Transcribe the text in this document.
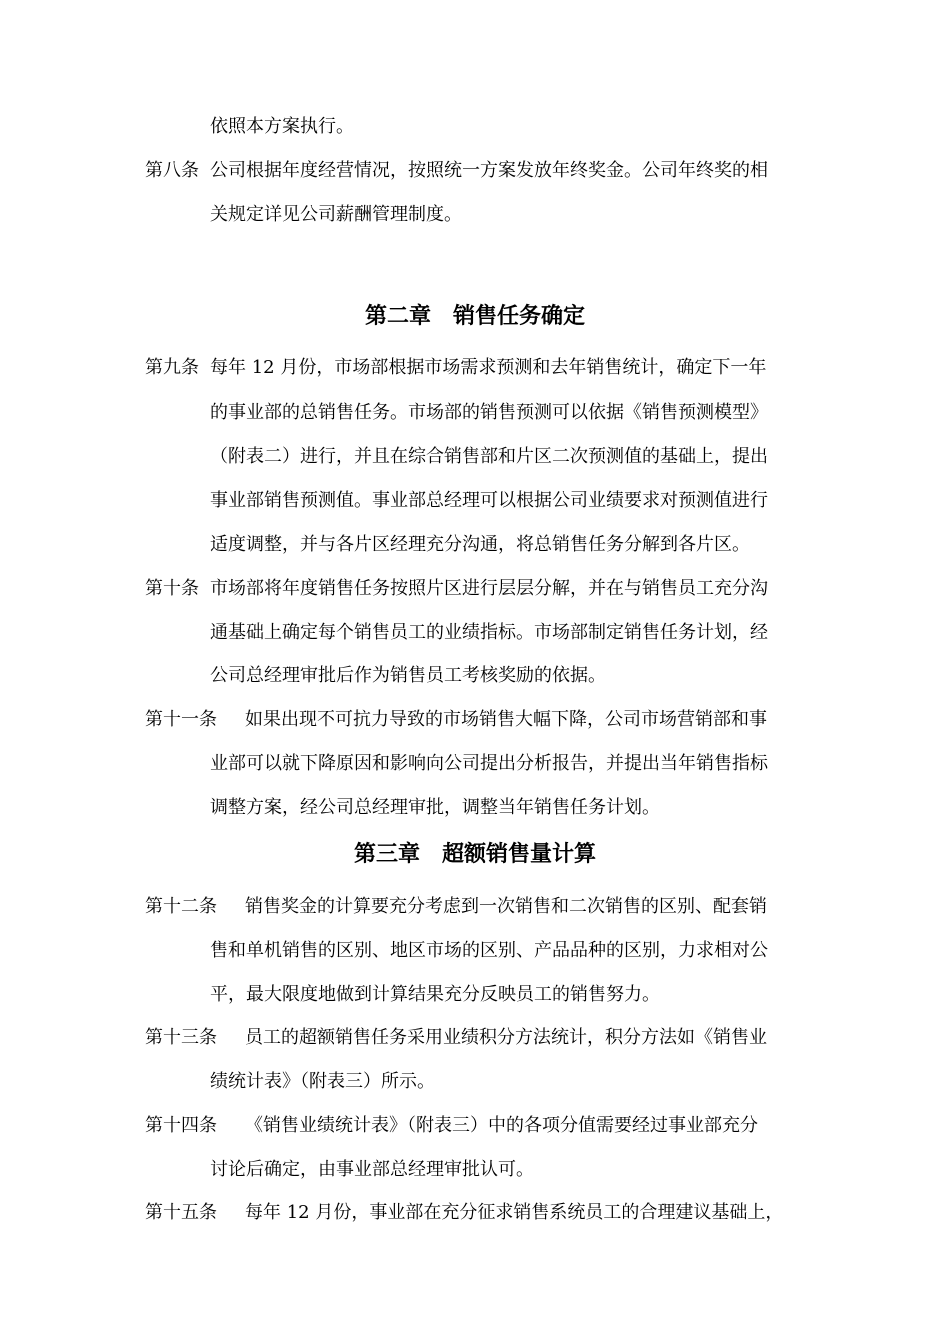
依照本方案执行。
第八条 公司根据年度经营情况，按照统一方案发放年终奖金。公司年终奖的相
关规定详见公司薪酬管理制度。
第二章　销售任务确定
第九条 每年 12 月份，市场部根据市场需求预测和去年销售统计，确定下一年
的事业部的总销售任务。市场部的销售预测可以依据《销售预测模型》
（附表二）进行，并且在综合销售部和片区二次预测值的基础上，提出
事业部销售预测值。事业部总经理可以根据公司业绩要求对预测值进行
适度调整，并与各片区经理充分沟通，将总销售任务分解到各片区。
第十条 市场部将年度销售任务按照片区进行层层分解，并在与销售员工充分沟
通基础上确定每个销售员工的业绩指标。市场部制定销售任务计划，经
公司总经理审批后作为销售员工考核奖励的依据。
第十一条 如果出现不可抗力导致的市场销售大幅下降，公司市场营销部和事
业部可以就下降原因和影响向公司提出分析报告，并提出当年销售指标
调整方案，经公司总经理审批，调整当年销售任务计划。
第三章　超额销售量计算
第十二条 销售奖金的计算要充分考虑到一次销售和二次销售的区别、配套销
售和单机销售的区别、地区市场的区别、产品品种的区别，力求相对公
平，最大限度地做到计算结果充分反映员工的销售努力。
第十三条 员工的超额销售任务采用业绩积分方法统计，积分方法如《销售业
绩统计表》（附表三）所示。
第十四条 《销售业绩统计表》（附表三）中的各项分值需要经过事业部充分
讨论后确定，由事业部总经理审批认可。
第十五条 每年 12 月份，事业部在充分征求销售系统员工的合理建议基础上，
